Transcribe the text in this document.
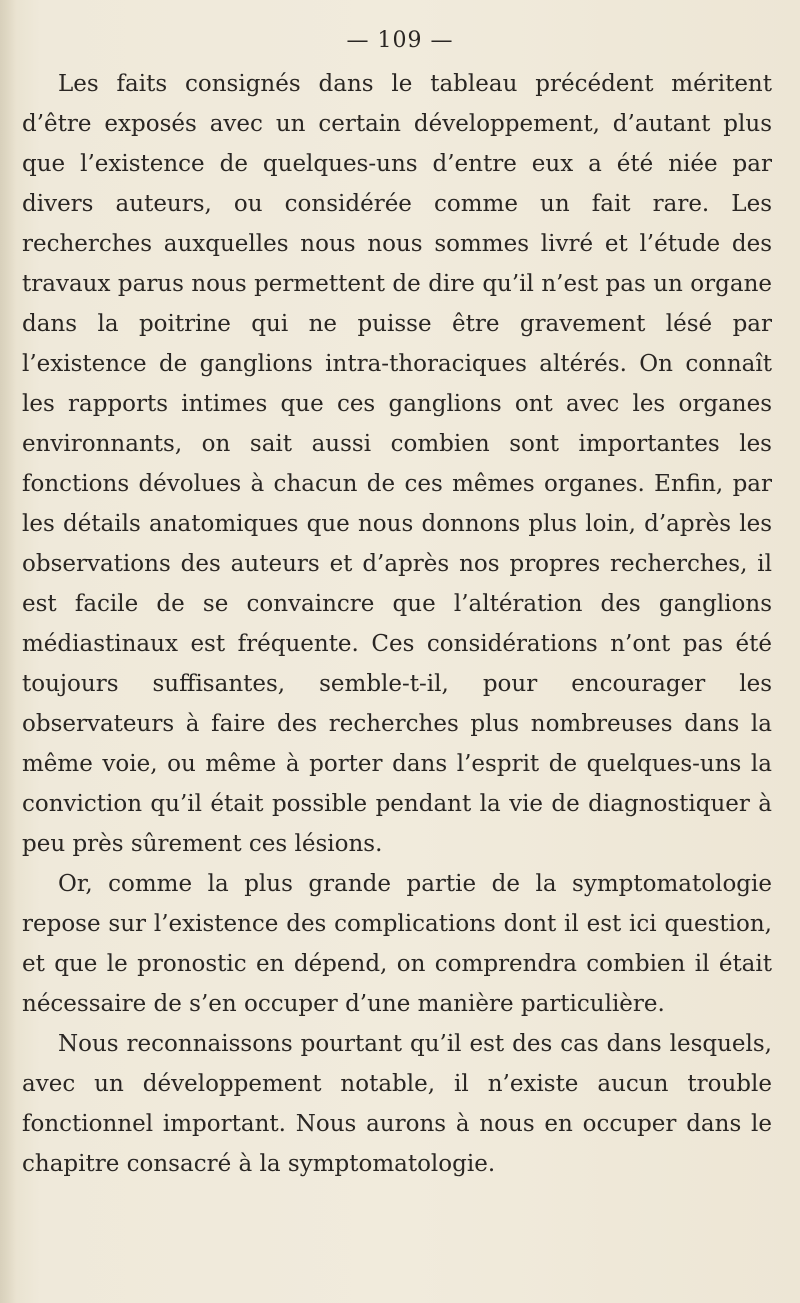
— 109 —

Les faits consignés dans le tableau précédent méritent d’être exposés avec un certain développement, d’autant plus que l’existence de quelques-uns d’entre eux a été niée par divers auteurs, ou considérée comme un fait rare. Les recherches auxquelles nous nous sommes livré et l’étude des travaux parus nous permettent de dire qu’il n’est pas un organe dans la poitrine qui ne puisse être gravement lésé par l’existence de ganglions intra-thoraciques altérés. On connaît les rapports intimes que ces ganglions ont avec les organes environnants, on sait aussi combien sont importantes les fonctions dévolues à chacun de ces mêmes organes. Enfin, par les détails anatomiques que nous donnons plus loin, d’après les observations des auteurs et d’après nos propres recherches, il est facile de se convaincre que l’altération des ganglions médiastinaux est fréquente. Ces considérations n’ont pas été toujours suffisantes, semble-t-il, pour encourager les observateurs à faire des recherches plus nombreuses dans la même voie, ou même à porter dans l’esprit de quelques-uns la conviction qu’il était possible pendant la vie de diagnostiquer à peu près sûrement ces lésions.

Or, comme la plus grande partie de la symptomatologie repose sur l’existence des complications dont il est ici question, et que le pronostic en dépend, on comprendra combien il était nécessaire de s’en occuper d’une manière particulière.

Nous reconnaissons pourtant qu’il est des cas dans lesquels, avec un développement notable, il n’existe aucun trouble fonctionnel important. Nous aurons à nous en occuper dans le chapitre consacré à la symptomatologie.
